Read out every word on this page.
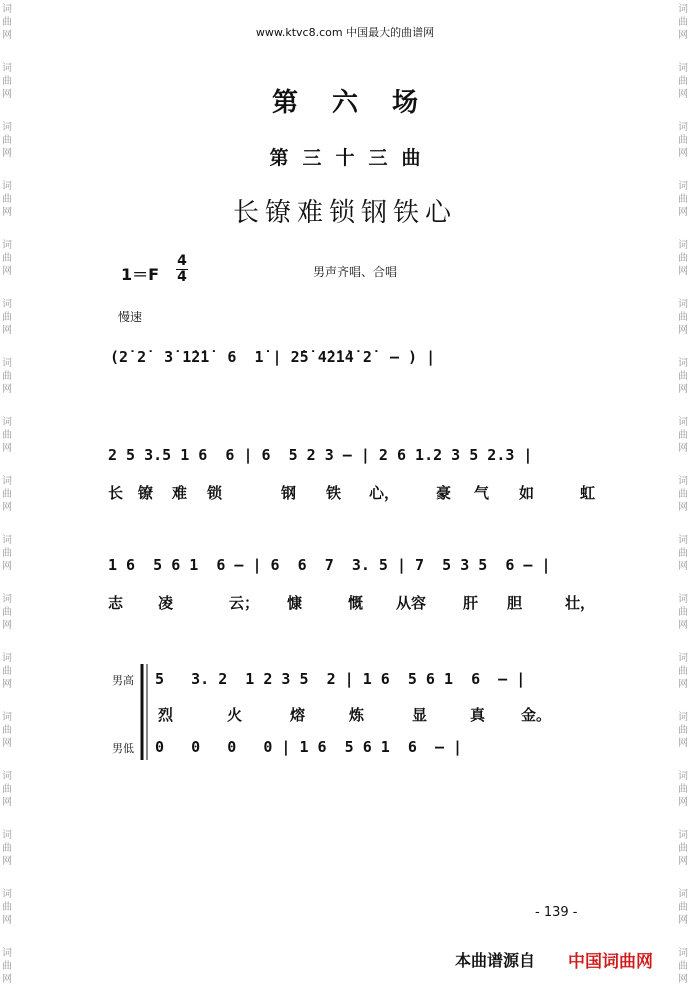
词
曲
网
词
曲
网
词
曲
网
词
曲
网
词
曲
网
词
曲
网
词
曲
网
词
曲
网
词
曲
网
词
曲
网
词
曲
网
词
曲
网
词
曲
网
词
曲
网
词
曲
网
词
曲
网
词
曲
网
词
曲
网
词
曲
网
词
曲
网
词
曲
网
词
曲
网
词
曲
网
词
曲
网
词
曲
网
词
曲
网
词
曲
网
词
曲
网
词
曲
网
词
曲
网
词
曲
网
词
曲
网
词
曲
网
词
曲
网
www.ktvc8.com 中国最大的曲谱网
第六场
第三十三曲
长镣难锁钢铁心
1＝F
4
4	男声齐唱、合唱
慢速
(2̇ 2̇  3̇ 1̇2̇1̇  6  1̇ | 2̇5̇ 4̇2̇1̇4̇ 2̇  — ) |
2 5 3.5 1 6  6 | 6  5 2 3 — | 2 6 1.2 3 5 2.3 |
长 镣 难 锁	钢 铁 心， 豪 气 如	虹
1 6  5 6 1  6 — | 6  6  7  3. 5 | 7  5 3 5  6 — |
志 凌	云； 慷	慨 从容 肝 胆	壮，
男高
男低
5   3. 2  1 2 3 5  2 | 1 6  5 6 1  6  — |
烈	火	熔	炼	显	真 金。
0   0   0   0 | 1 6  5 6 1  6  — |
- 139 -
本曲谱源自 中国词曲网
